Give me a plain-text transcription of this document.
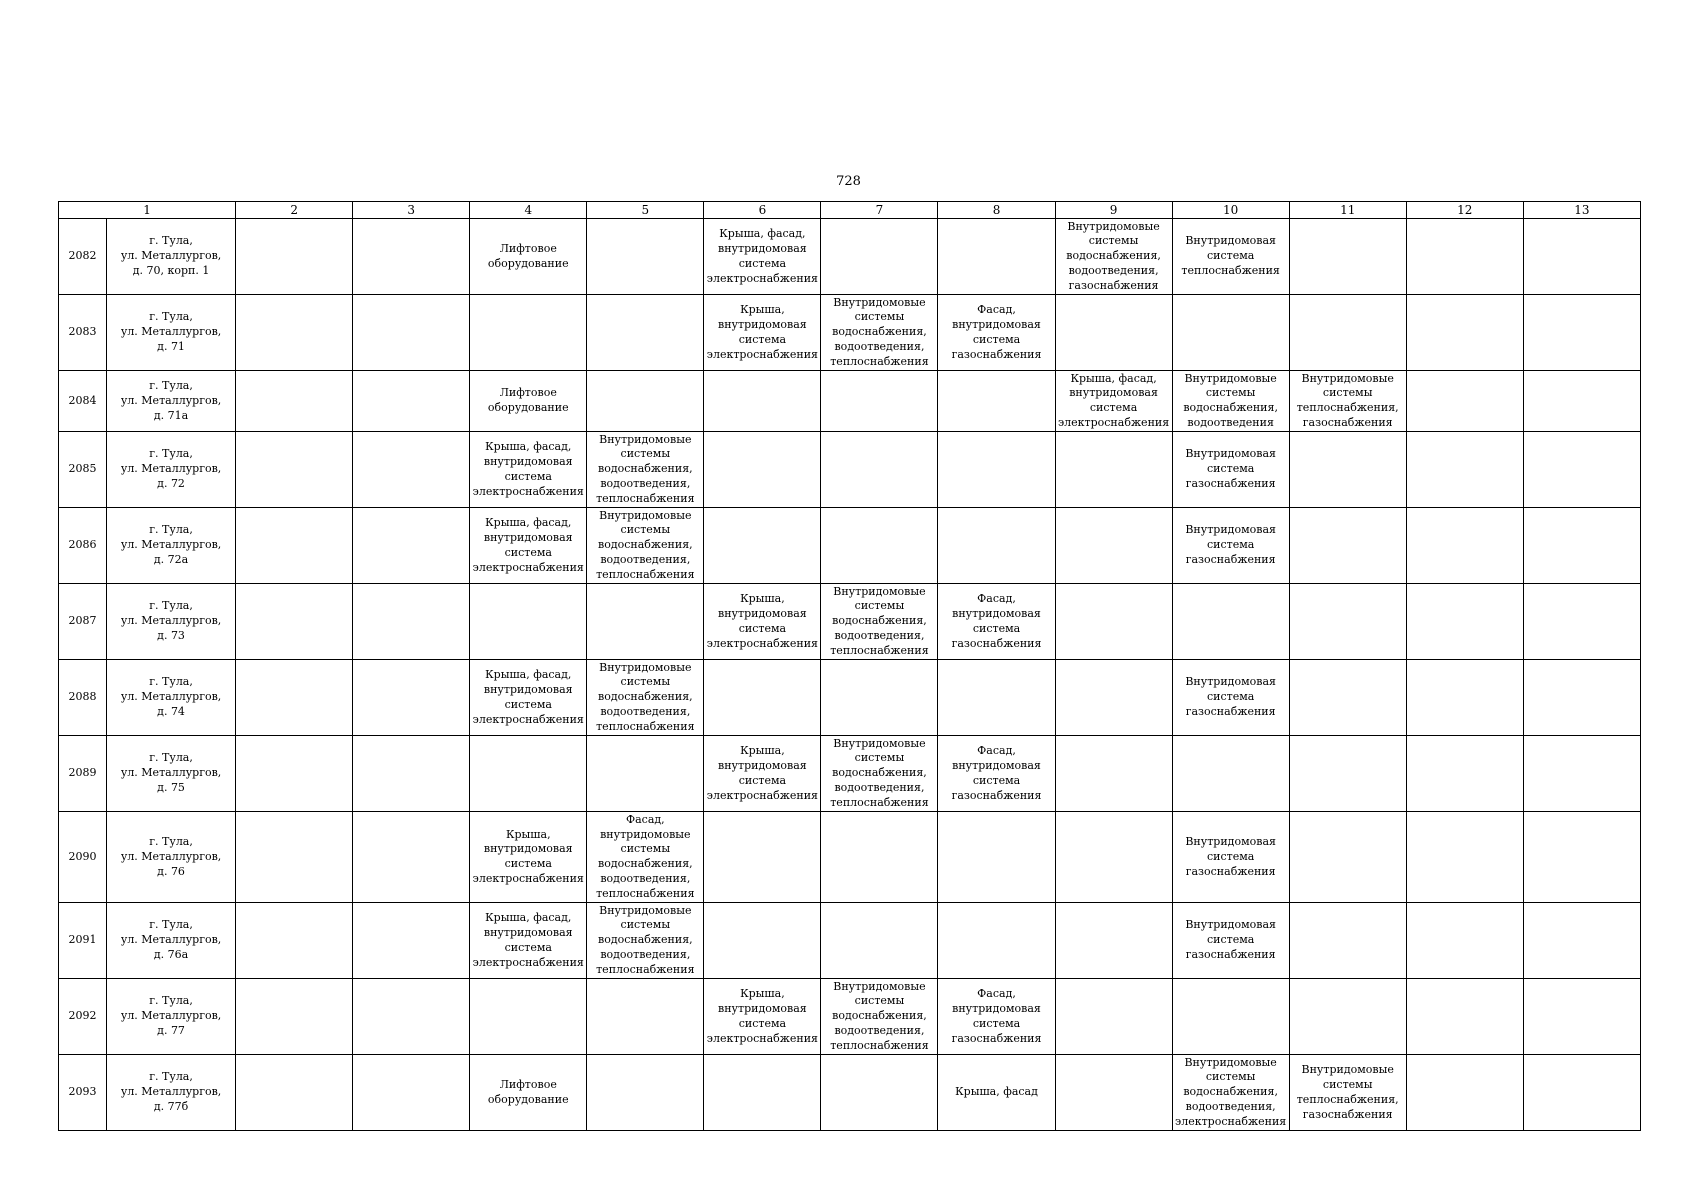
728
1		2	3	4	5	6	7	8	9	10	11	12	13
2082	г. Тула,
ул. Металлургов,
д. 70, корп. 1			Лифтовое оборудование		Крыша, фасад, внутридомовая система электроснабжения			Внутридомовые системы водоснабжения, водоотведения, газоснабжения	Внутридомовая система теплоснабжения			
2083	г. Тула,
ул. Металлургов,
д. 71					Крыша, внутридомовая система электроснабжения	Внутридомовые системы водоснабжения, водоотведения, теплоснабжения	Фасад, внутридомовая система газоснабжения					
2084	г. Тула,
ул. Металлургов,
д. 71а			Лифтовое оборудование					Крыша, фасад, внутридомовая система электроснабжения	Внутридомовые системы водоснабжения, водоотведения	Внутридомовые системы теплоснабжения, газоснабжения		
2085	г. Тула,
ул. Металлургов,
д. 72			Крыша, фасад, внутридомовая система электроснабжения	Внутридомовые системы водоснабжения, водоотведения, теплоснабжения					Внутридомовая система газоснабжения			
2086	г. Тула,
ул. Металлургов,
д. 72а			Крыша, фасад, внутридомовая система электроснабжения	Внутридомовые системы водоснабжения, водоотведения, теплоснабжения					Внутридомовая система газоснабжения			
2087	г. Тула,
ул. Металлургов,
д. 73					Крыша, внутридомовая система электроснабжения	Внутридомовые системы водоснабжения, водоотведения, теплоснабжения	Фасад, внутридомовая система газоснабжения					
2088	г. Тула,
ул. Металлургов,
д. 74			Крыша, фасад, внутридомовая система электроснабжения	Внутридомовые системы водоснабжения, водоотведения, теплоснабжения					Внутридомовая система газоснабжения			
2089	г. Тула,
ул. Металлургов,
д. 75					Крыша, внутридомовая система электроснабжения	Внутридомовые системы водоснабжения, водоотведения, теплоснабжения	Фасад, внутридомовая система газоснабжения					
2090	г. Тула,
ул. Металлургов,
д. 76			Крыша, внутридомовая система электроснабжения	Фасад, внутридомовые системы водоснабжения, водоотведения, теплоснабжения					Внутридомовая система газоснабжения			
2091	г. Тула,
ул. Металлургов,
д. 76а			Крыша, фасад, внутридомовая система электроснабжения	Внутридомовые системы водоснабжения, водоотведения, теплоснабжения					Внутридомовая система газоснабжения			
2092	г. Тула,
ул. Металлургов,
д. 77					Крыша, внутридомовая система электроснабжения	Внутридомовые системы водоснабжения, водоотведения, теплоснабжения	Фасад, внутридомовая система газоснабжения					
2093	г. Тула,
ул. Металлургов,
д. 77б			Лифтовое оборудование				Крыша, фасад		Внутридомовые системы водоснабжения, водоотведения, электроснабжения	Внутридомовые системы теплоснабжения, газоснабжения		
